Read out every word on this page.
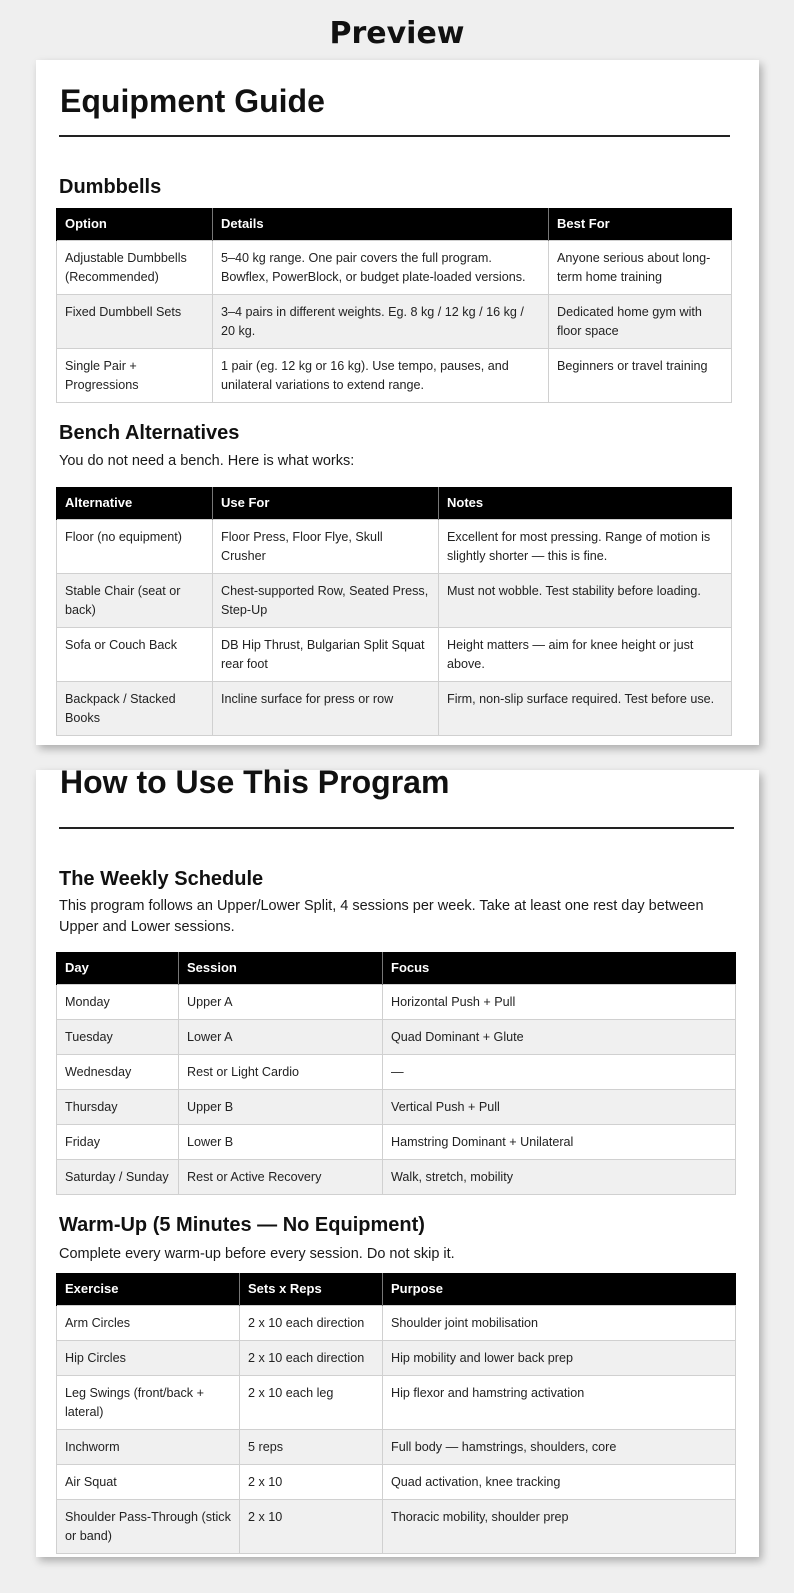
Preview
Equipment Guide
Dumbbells
Option	Details	Best For
Adjustable Dumbbells (Recommended)	5–40 kg range. One pair covers the full program. Bowflex, PowerBlock, or budget plate-loaded versions.	Anyone serious about long-term home training
Fixed Dumbbell Sets	3–4 pairs in different weights. Eg. 8 kg / 12 kg / 16 kg / 20 kg.	Dedicated home gym with floor space
Single Pair + Progressions	1 pair (eg. 12 kg or 16 kg). Use tempo, pauses, and unilateral variations to extend range.	Beginners or travel training
Bench Alternatives
You do not need a bench. Here is what works:
Alternative	Use For	Notes
Floor (no equipment)	Floor Press, Floor Flye, Skull Crusher	Excellent for most pressing. Range of motion is slightly shorter — this is fine.
Stable Chair (seat or back)	Chest-supported Row, Seated Press, Step-Up	Must not wobble. Test stability before loading.
Sofa or Couch Back	DB Hip Thrust, Bulgarian Split Squat rear foot	Height matters — aim for knee height or just above.
Backpack / Stacked Books	Incline surface for press or row	Firm, non-slip surface required. Test before use.
How to Use This Program
The Weekly Schedule
This program follows an Upper/Lower Split, 4 sessions per week. Take at least one rest day between Upper and Lower sessions.
Day	Session	Focus
Monday	Upper A	Horizontal Push + Pull
Tuesday	Lower A	Quad Dominant + Glute
Wednesday	Rest or Light Cardio	—
Thursday	Upper B	Vertical Push + Pull
Friday	Lower B	Hamstring Dominant + Unilateral
Saturday / Sunday	Rest or Active Recovery	Walk, stretch, mobility
Warm-Up (5 Minutes — No Equipment)
Complete every warm-up before every session. Do not skip it.
Exercise	Sets x Reps	Purpose
Arm Circles	2 x 10 each direction	Shoulder joint mobilisation
Hip Circles	2 x 10 each direction	Hip mobility and lower back prep
Leg Swings (front/back + lateral)	2 x 10 each leg	Hip flexor and hamstring activation
Inchworm	5 reps	Full body — hamstrings, shoulders, core
Air Squat	2 x 10	Quad activation, knee tracking
Shoulder Pass-Through (stick or band)	2 x 10	Thoracic mobility, shoulder prep
